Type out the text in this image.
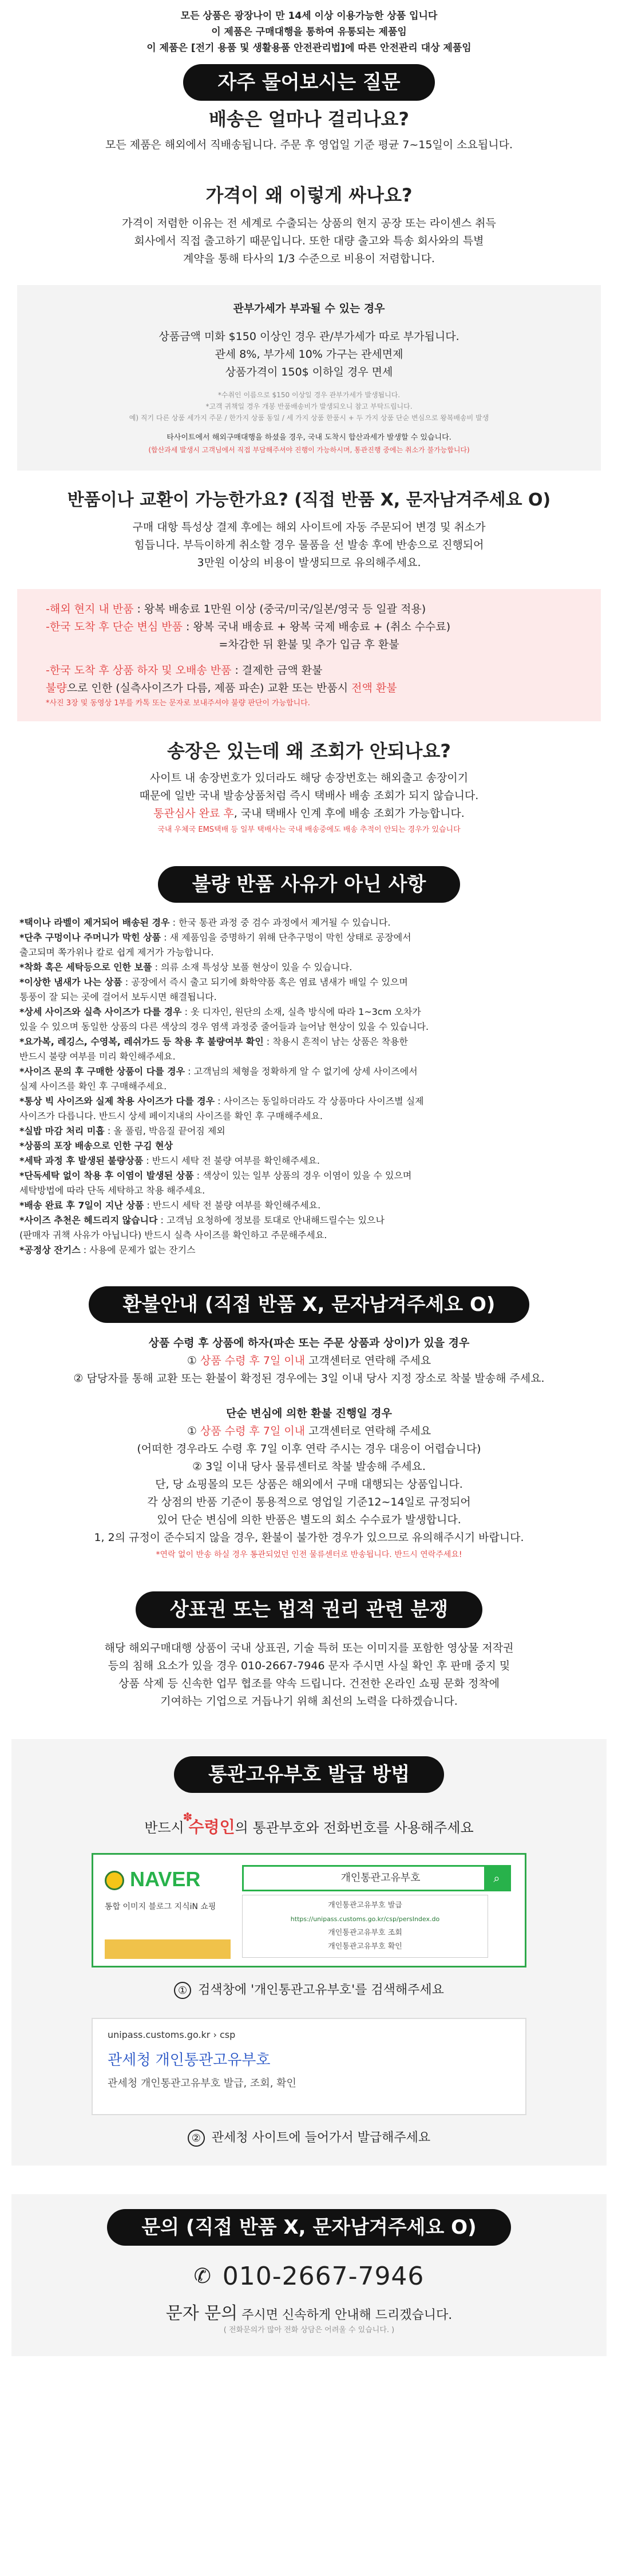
모든 상품은 광장나이 만 14세 이상 이용가능한 상품 입니다

이 제품은 구매대행을 통하여 유통되는 제품임

이 제품은 [전기 용품 및 생활용품 안전관리법]에 따른 안전관리 대상 제품임

자주 물어보시는 질문

배송은 얼마나 걸리나요?

모든 제품은 해외에서 직배송됩니다. 주문 후 영업일 기준 평균 7~15일이 소요됩니다.

가격이 왜 이렇게 싸나요?

가격이 저렴한 이유는 전 세계로 수출되는 상품의 현지 공장 또는 라이센스 취득

회사에서 직접 출고하기 때문입니다. 또한 대량 출고와 특송 회사와의 특별

계약을 통해 타사의 1/3 수준으로 비용이 저렴합니다.

관부가세가 부과될 수 있는 경우

상품금액 미화 $150 이상인 경우 관/부가세가 따로 부가됩니다.

관세 8%, 부가세 10% 가구는 관세면제

상품가격이 150$ 이하일 경우 면세

*수취인 이름으로 $150 이상일 경우 관부가세가 발생됩니다.

*고객 귀책일 경우 개봉 반품배송비가 발생되오니 참고 부탁드립니다.

예) 직기 다른 상품 세가지 주문 / 한가지 상품 동일 / 세 가지 상품 한품시 + 두 가지 상품 단순 변심으로 왕복배송비 발생

타사이트에서 해외구매대행을 하셨을 경우, 국내 도착시 합산과세가 발생할 수 있습니다.

(합산과세 발생시 고객님에서 직접 부담해주셔야 진행이 가능하시며, 통관진행 중에는 취소가 불가능합니다)

반품이나 교환이 가능한가요? (직접 반품 X, 문자남겨주세요 O)

구매 대항 특성상 결제 후에는 해외 사이트에 자동 주문되어 변경 및 취소가

힘듭니다. 부득이하게 취소할 경우 물품을 선 발송 후에 반송으로 진행되어

3만원 이상의 비용이 발생되므로 유의해주세요.

-해외 현지 내 반품 : 왕복 배송료 1만원 이상 (중국/미국/일본/영국 등 일괄 적용)

-한국 도착 후 단순 변심 반품 : 왕복 국내 배송료 + 왕복 국제 배송료 + (취소 수수료)

=차감한 뒤 환불 및 추가 입금 후 환불

-한국 도착 후 상품 하자 및 오배송 반품 : 결제한 금액 환불

불량으로 인한 (실측사이즈가 다름, 제품 파손) 교환 또는 반품시 전액 환불

*사진 3장 및 동영상 1부를 카톡 또는 문자로 보내주셔야 불량 판단이 가능합니다.

송장은 있는데 왜 조회가 안되나요?

사이트 내 송장번호가 있더라도 해당 송장번호는 해외출고 송장이기

때문에 일반 국내 발송상품처럼 즉시 택배사 배송 조회가 되지 않습니다.

통관심사 완료 후, 국내 택배사 인계 후에 배송 조회가 가능합니다.

국내 우체국 EMS택배 등 일부 택배사는 국내 배송중에도 배송 추적이 안되는 경우가 있습니다

불량 반품 사유가 아닌 사항

*택이나 라벨이 제거되어 배송된 경우 : 한국 통관 과정 중 검수 과정에서 제거될 수 있습니다.

*단추 구멍이나 주머니가 막힌 상품 : 새 제품임을 증명하기 위해 단추구멍이 막힌 상태로 공장에서

출고되며 쪽가위나 칼로 쉽게 제거가 가능합니다.

*착화 혹은 세탁등으로 인한 보풀 : 의류 소재 특성상 보풀 현상이 있을 수 있습니다.

*이상한 냄새가 나는 상품 : 공장에서 즉시 출고 되기에 화학약품 혹은 염료 냄새가 배일 수 있으며

통풍이 잘 되는 곳에 걸어서 보두시면 해결됩니다.

*상세 사이즈와 실측 사이즈가 다를 경우 : 옷 디자인, 원단의 소재, 실측 방식에 따라 1~3cm 오차가

있을 수 있으며 동일한 상품의 다른 색상의 경우 염색 과정중 줄어들과 늘어남 현상이 있을 수 있습니다.

*요가복, 레깅스, 수영복, 레쉬가드 등 착용 후 불량여부 확인 : 착용시 흔적이 남는 상품은 착용한

반드시 불량 여부를 미리 확인해주세요.

*사이즈 문의 후 구매한 상품이 다를 경우 : 고객님의 체형을 정확하게 알 수 없기에 상세 사이즈에서

실제 사이즈를 확인 후 구매해주세요.

*통상 빅 사이즈와 실제 착용 사이즈가 다를 경우 : 사이즈는 동일하더라도 각 상품마다 사이즈별 실제

사이즈가 다릅니다. 반드시 상세 페이지내의 사이즈를 확인 후 구매해주세요.

*실밥 마감 처리 미흡 : 올 풀림, 박음질 끝어짐 제외

*상품의 포장 배송으로 인한 구김 현상

*세탁 과정 후 발생된 불량상품 : 반드시 세탁 전 불량 여부를 확인해주세요.

*단독세탁 없이 착용 후 이염이 발생된 상품 : 색상이 있는 일부 상품의 경우 이염이 있을 수 있으며

세탁방법에 따라 단독 세탁하고 착용 해주세요.

*배송 완료 후 7일이 지난 상품 : 반드시 세탁 전 불량 여부를 확인해주세요.

*사이즈 추천은 헤드리지 않습니다 : 고객님 요청하에 정보를 토대로 안내해드릴수는 있으나

(판매자 귀책 사유가 아닙니다) 반드시 실측 사이즈를 확인하고 주문해주세요.

*공정상 잔기스 : 사용에 문제가 없는 잔기스

환불안내 (직접 반품 X, 문자남겨주세요 O)

상품 수령 후 상품에 하자(파손 또는 주문 상품과 상이)가 있을 경우

① 상품 수령 후 7일 이내 고객센터로 연락해 주세요

② 담당자를 통해 교환 또는 환불이 확정된 경우에는 3일 이내 당사 지정 장소로 착불 발송해 주세요.

단순 변심에 의한 환불 진행일 경우

① 상품 수령 후 7일 이내 고객센터로 연락해 주세요

(어떠한 경우라도 수령 후 7일 이후 연락 주시는 경우 대응이 어렵습니다)

② 3일 이내 당사 물류센터로 착불 발송해 주세요.

단, 당 쇼핑몰의 모든 상품은 해외에서 구매 대행되는 상품입니다.

각 상점의 반품 기준이 통용적으로 영업일 기준12~14일로 규정되어

있어 단순 변심에 의한 반품은 별도의 회소 수수료가 발생합니다.

1, 2의 규정이 준수되지 않을 경우, 환불이 불가한 경우가 있으므로 유의해주시기 바랍니다.

*연락 없이 반송 하실 경우 통관되었던 인전 물류센터로 반송됩니다. 반드시 연락주세요!

상표권 또는 법적 권리 관련 분쟁

해당 해외구매대행 상품이 국내 상표권, 기술 특허 또는 이미지를 포함한 영상물 저작권

등의 침해 요소가 있을 경우 010-2667-7946 문자 주시면 사실 확인 후 판매 중지 및

상품 삭제 등 신속한 업무 협조를 약속 드립니다. 건전한 온라인 쇼핑 문화 정착에

기여하는 기업으로 거듭나기 위해 최선의 노력을 다하겠습니다.

통관고유부호 발급 방법

반드시 ✽ 수령인의 통관부호와 전화번호를 사용해주세요

NAVER	개인통관고유부호	⌕
통합 이미지 블로그 지식iN 쇼핑	개인통관고유부호 발급
https://unipass.customs.go.kr/csp/persIndex.do
개인통관고유부호 조회
개인통관고유부호 확인

① 검색창에 '개인통관고유부호'를 검색해주세요

unipass.customs.go.kr › csp
관세청 개인통관고유부호
관세청 개인통관고유부호 발급, 조회, 확인

② 관세청 사이트에 들어가서 발급해주세요

문의 (직접 반품 X, 문자남겨주세요 O)

✆ 010-2667-7946

문자 문의 주시면 신속하게 안내해 드리겠습니다.

( 전화문의가 많아 전화 상담은 어려울 수 있습니다. )
